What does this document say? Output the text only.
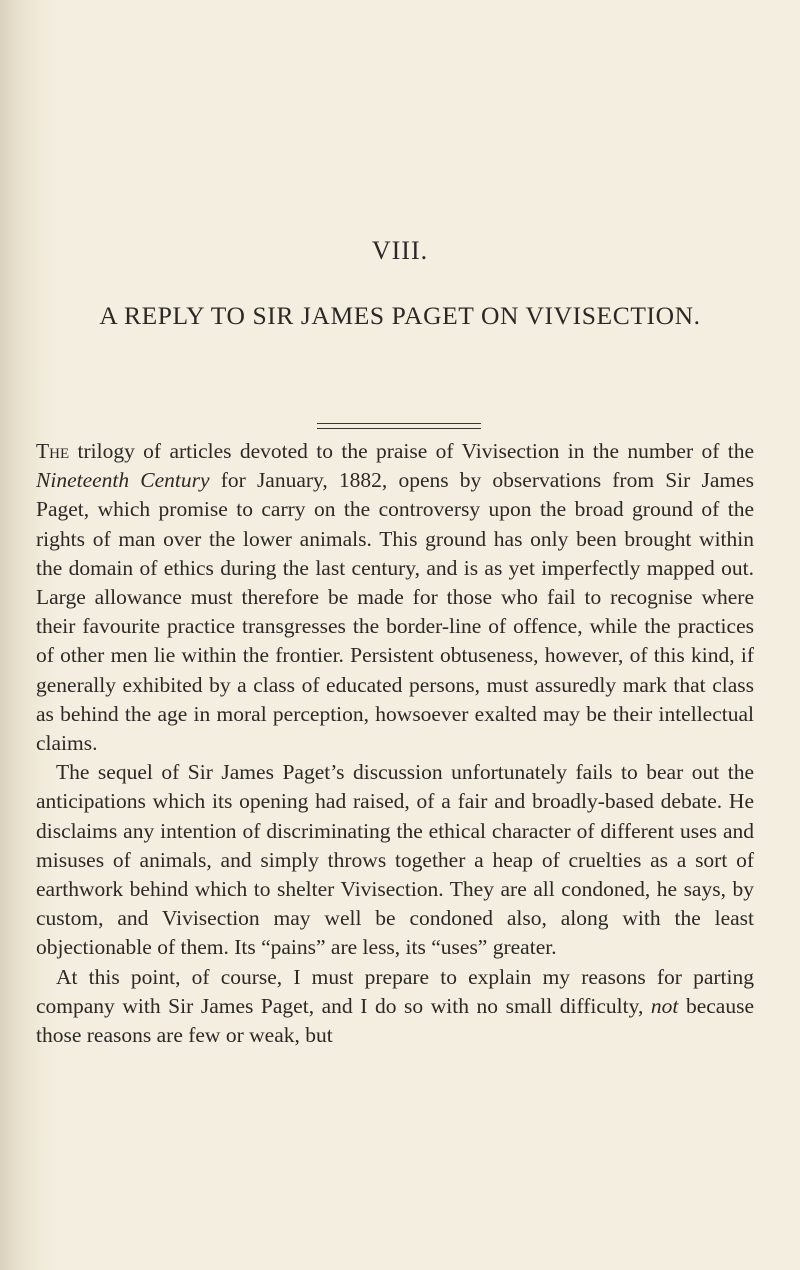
VIII.
A REPLY TO SIR JAMES PAGET ON VIVISECTION.

The trilogy of articles devoted to the praise of Vivisection in the number of the Nineteenth Century for January, 1882, opens by observations from Sir James Paget, which promise to carry on the controversy upon the broad ground of the rights of man over the lower animals. This ground has only been brought within the domain of ethics during the last century, and is as yet imperfectly mapped out. Large allowance must therefore be made for those who fail to recognise where their favourite practice transgresses the border-line of offence, while the practices of other men lie within the frontier. Persistent obtuseness, however, of this kind, if generally exhibited by a class of educated persons, must assuredly mark that class as behind the age in moral perception, howsoever exalted may be their intellectual claims.

The sequel of Sir James Paget’s discussion unfortunately fails to bear out the anticipations which its opening had raised, of a fair and broadly-based debate. He disclaims any intention of discriminating the ethical character of different uses and misuses of animals, and simply throws together a heap of cruelties as a sort of earthwork behind which to shelter Vivisection. They are all condoned, he says, by custom, and Vivisection may well be condoned also, along with the least objectionable of them. Its “pains” are less, its “uses” greater.

At this point, of course, I must prepare to explain my reasons for parting company with Sir James Paget, and I do so with no small difficulty, not because those reasons are few or weak, but
